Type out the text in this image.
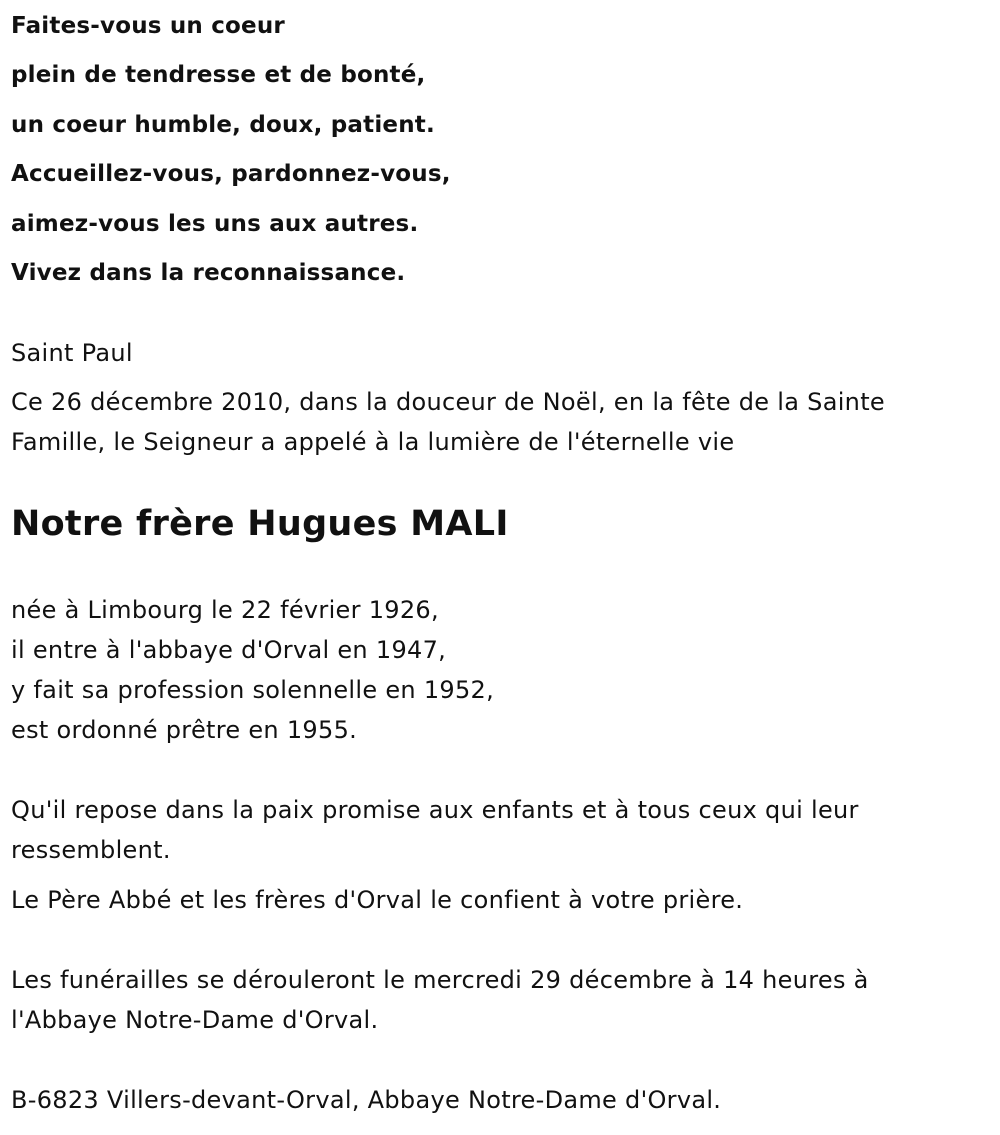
Faites-vous un coeur
plein de tendresse et de bonté,
un coeur humble, doux, patient.
Accueillez-vous, pardonnez-vous,
aimez-vous les uns aux autres.
Vivez dans la reconnaissance.
Saint Paul
Ce 26 décembre 2010, dans la douceur de Noël, en la fête de la Sainte
Famille, le Seigneur a appelé à la lumière de l'éternelle vie
Notre frère Hugues MALI
née à Limbourg le 22 février 1926,
il entre à l'abbaye d'Orval en 1947,
y fait sa profession solennelle en 1952,
est ordonné prêtre en 1955.
Qu'il repose dans la paix promise aux enfants et à tous ceux qui leur
ressemblent.
Le Père Abbé et les frères d'Orval le confient à votre prière.
Les funérailles se dérouleront le mercredi 29 décembre à 14 heures à
l'Abbaye Notre-Dame d'Orval.
B-6823 Villers-devant-Orval, Abbaye Notre-Dame d'Orval.
